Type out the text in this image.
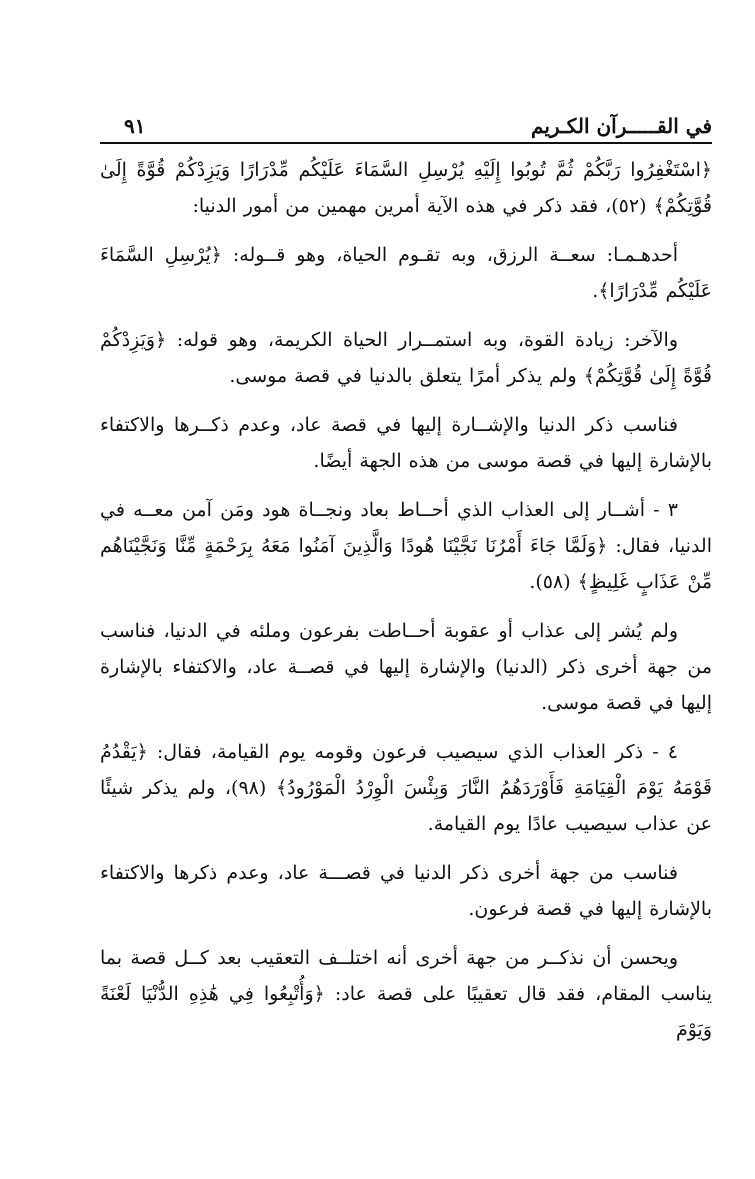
في القـــــرآن الكـريم
٩١

﴿اسْتَغْفِرُوا رَبَّكُمْ ثُمَّ تُوبُوا إِلَيْهِ يُرْسِلِ السَّمَاءَ عَلَيْكُم مِّدْرَارًا وَيَزِدْكُمْ قُوَّةً إِلَىٰ قُوَّتِكُمْ﴾ (٥٢)، فقد ذكر في هذه الآية أمرين مهمين من أمور الدنيا:

أحدهـمـا: سعــة الرزق، وبه تقـوم الحياة، وهو قــوله: ﴿يُرْسِلِ السَّمَاءَ عَلَيْكُم مِّدْرَارًا﴾.

والآخر: زيادة القوة، وبه استمــرار الحياة الكريمة، وهو قوله: ﴿وَيَزِدْكُمْ قُوَّةً إِلَىٰ قُوَّتِكُمْ﴾ ولم يذكر أمرًا يتعلق بالدنيا في قصة موسى.

فناسب ذكر الدنيا والإشــارة إليها في قصة عاد، وعدم ذكــرها والاكتفاء بالإشارة إليها في قصة موسى من هذه الجهة أيضًا.

٣ - أشــار إلى العذاب الذي أحــاط بعاد ونجــاة هود ومَن آمن معــه في الدنيا، فقال: ﴿وَلَمَّا جَاءَ أَمْرُنَا نَجَّيْنَا هُودًا وَالَّذِينَ آمَنُوا مَعَهُ بِرَحْمَةٍ مِّنَّا وَنَجَّيْنَاهُم مِّنْ عَذَابٍ غَلِيظٍ﴾ (٥٨).

ولم يُشر إلى عذاب أو عقوبة أحــاطت بفرعون وملئه في الدنيا، فناسب من جهة أخرى ذكر (الدنيا) والإشارة إليها في قصــة عاد، والاكتفاء بالإشارة إليها في قصة موسى.

٤ - ذكر العذاب الذي سيصيب فرعون وقومه يوم القيامة، فقال: ﴿يَقْدُمُ قَوْمَهُ يَوْمَ الْقِيَامَةِ فَأَوْرَدَهُمُ النَّارَ وَبِئْسَ الْوِرْدُ الْمَوْرُودُ﴾ (٩٨)، ولم يذكر شيئًا عن عذاب سيصيب عادًا يوم القيامة.

فناسب من جهة أخرى ذكر الدنيا في قصـــة عاد، وعدم ذكرها والاكتفاء بالإشارة إليها في قصة فرعون.

ويحسن أن نذكــر من جهة أخرى أنه اختلــف التعقيب بعد كــل قصة بما يناسب المقام، فقد قال تعقيبًا على قصة عاد: ﴿وَأُتْبِعُوا فِي هَٰذِهِ الدُّنْيَا لَعْنَةً وَيَوْمَ
